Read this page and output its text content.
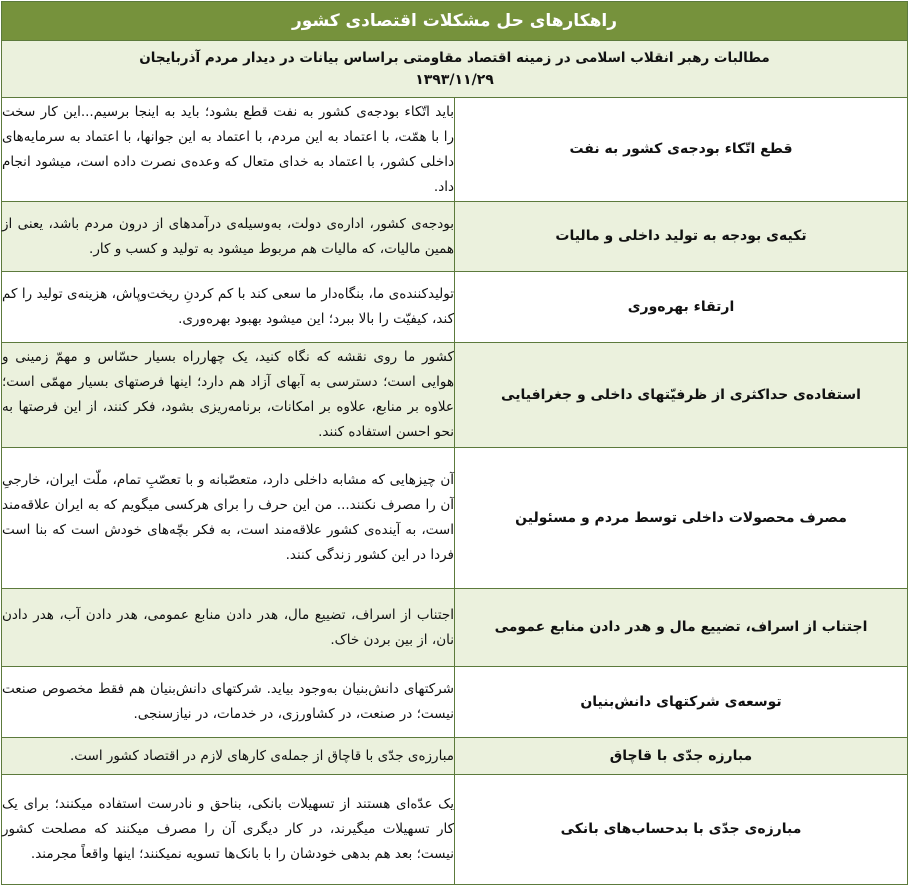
راهکارهای حل مشکلات اقتصادی کشور	
مطالبات رهبر انقلاب اسلامی در زمینه اقتصاد مقاومتی براساس بیانات در دیدار مردم آذربایجان
۱۳۹۳/۱۱/۲۹	

قطع اتّکاء بودجه‌ی کشور به نفت	باید اتّکاء بودجه‌ی کشور به نفت قطع بشود؛ باید به اینجا برسیم...این کار سخت را با همّت، با اعتماد به این مردم، با اعتماد به این جوانها، با اعتماد به سرمایه‌های داخلی کشور، با اعتماد به خدای متعال که وعده‌ی نصرت داده است، میشود انجام داد.
تکیه‌ی بودجه به تولید داخلی و مالیات	بودجه‌ی کشور، اداره‌ی دولت، به‌وسیله‌ی درآمدهای از درون مردم باشد، یعنی از همین مالیات، که مالیات هم مربوط میشود به تولید و کسب و کار.
ارتقاء بهره‌وری	تولیدکننده‌ی ما، بنگاه‌دار ما سعی کند با کم کردنِ ریخت‌وپاش، هزینه‌ی تولید را کم کند، کیفیّت را بالا ببرد؛ این میشود بهبود بهره‌وری.
استفاده‌ی حداکثری از ظرفیّتهای داخلی و جغرافیایی	کشور ما روی نقشه که نگاه کنید، یک چهارراه بسیار حسّاس و مهمّ زمینی و هوایی است؛ دسترسی به آبهای آزاد هم دارد؛ اینها فرصتهای بسیار مهمّی است؛ علاوه بر منابع، علاوه بر امکانات، برنامه‌ریزی بشود، فکر کنند، از این فرصتها به نحو احسن استفاده کنند.
مصرف محصولات داخلی توسط مردم و مسئولین	آن چیزهایی که مشابه داخلی دارد، متعصّبانه و با تعصّبِ تمام، ملّت ایران، خارجیِ آن را مصرف نکنند... من این حرف را برای هرکسی میگویم که به ایران علاقه‌مند است، به آینده‌ی کشور علاقه‌مند است، به فکر بچّه‌های خودش است که بنا است فردا در این کشور زندگی کنند.
اجتناب از اسراف، تضییع مال و هدر دادن منابع عمومی	اجتناب از اسراف، تضییع مال، هدر دادن منابع عمومی، هدر دادن آب، هدر دادن نان، از بین بردن خاک.
توسعه‌ی شرکتهای دانش‌بنیان	شرکتهای دانش‌بنیان به‌وجود بیاید. شرکتهای دانش‌بنیان هم فقط مخصوص صنعت نیست؛ در صنعت، در کشاورزی، در خدمات، در نیازسنجی.
مبارزه جدّی با قاچاق	مبارزه‌ی جدّی با قاچاق از جمله‌ی کارهای لازم در اقتصاد کشور است.
مبارزه‌ی جدّی با بدحساب‌های بانکی	یک عدّه‌ای هستند از تسهیلات بانکی، بناحق و نادرست استفاده میکنند؛ برای یک کار تسهیلات میگیرند، در کار دیگری آن را مصرف میکنند که مصلحت کشور نیست؛ بعد هم بدهی خودشان را با بانک‌ها تسویه نمیکنند؛ اینها واقعاً مجرمند.
